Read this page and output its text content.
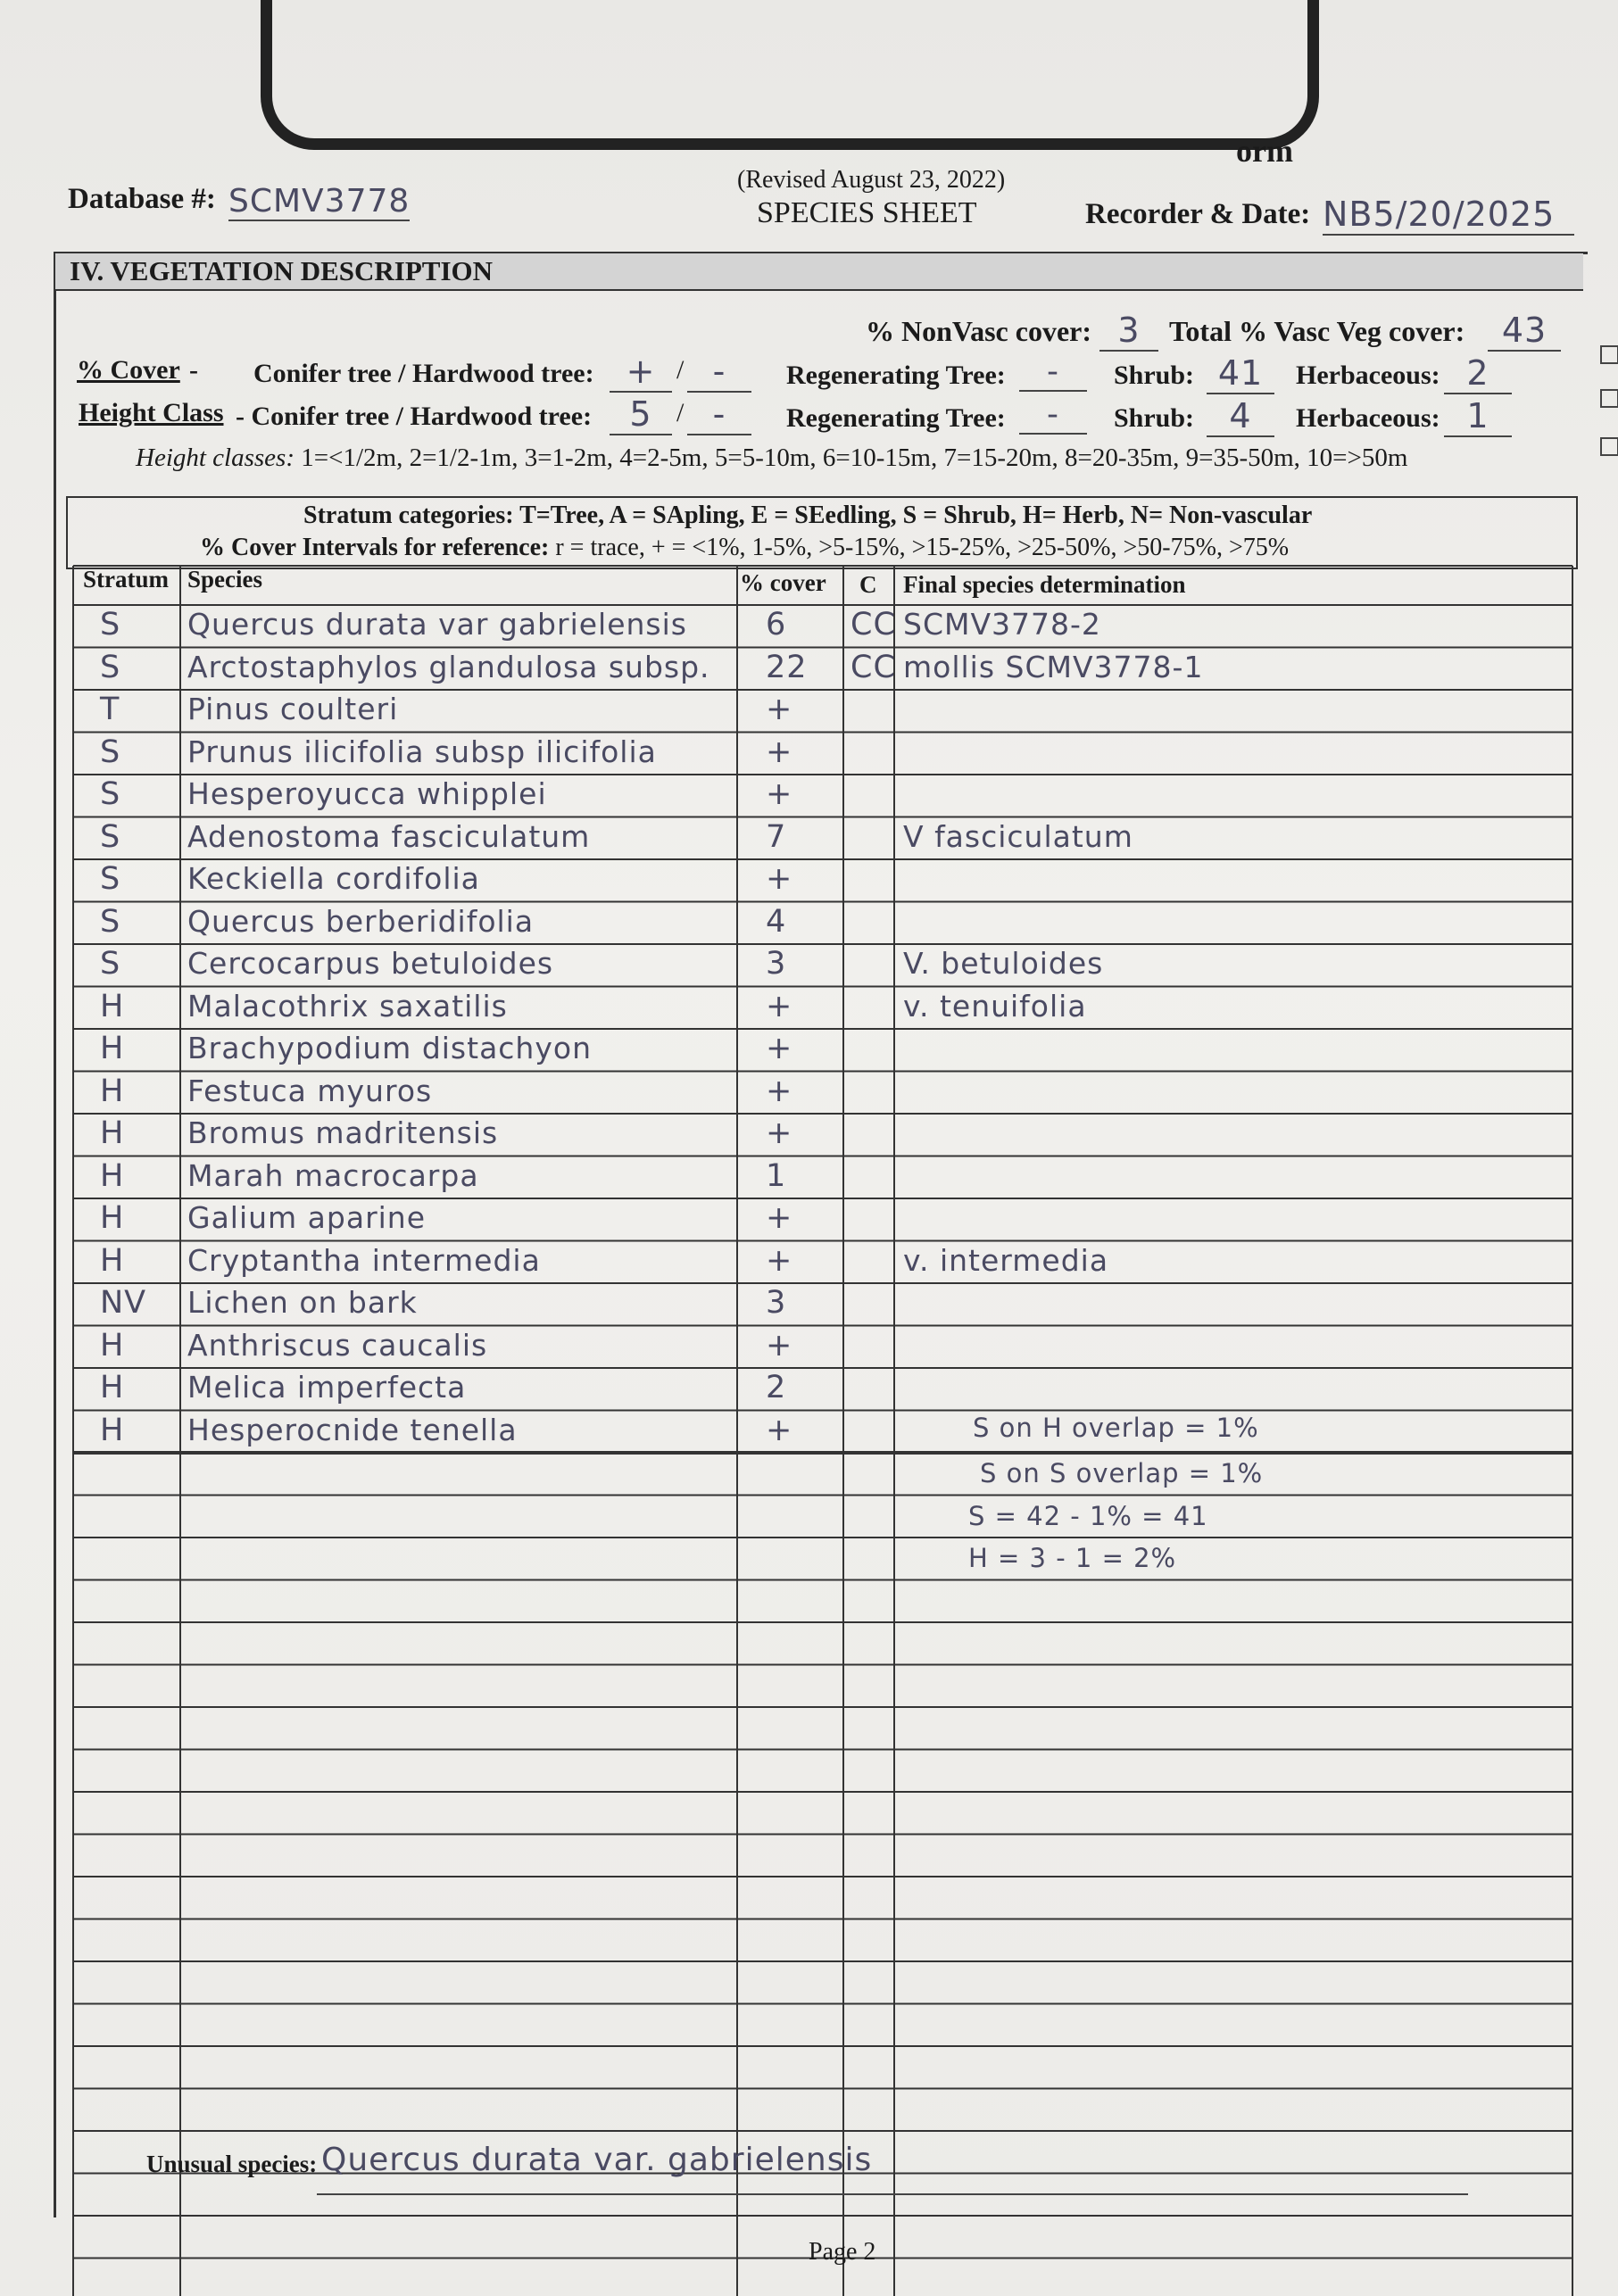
orm
(Revised August 23, 2022)
SPECIES SHEET
Database #: SCMV3778	Recorder & Date: NB5/20/2025
IV. VEGETATION DESCRIPTION
% NonVasc cover: 3	Total % Vasc Veg cover:	43
% Cover - Conifer tree / Hardwood tree: + / -	Regenerating Tree:	-	Shrub: 41	Herbaceous: 2
Height Class - Conifer tree / Hardwood tree:	5 / -	Regenerating Tree:	-	Shrub:	4	Herbaceous: 1
Height classes: 1=<1/2m, 2=1/2-1m, 3=1-2m, 4=2-5m, 5=5-10m, 6=10-15m, 7=15-20m, 8=20-35m, 9=35-50m, 10=>50m
Stratum categories: T=Tree, A = SApling, E = SEedling, S = Shrub, H= Herb, N= Non-vascular
% Cover Intervals for reference: r = trace, + = <1%, 1-5%, >5-15%, >15-25%, >25-50%, >50-75%, >75%
Stratum Species	% cover C Final species determination
S Quercus durata var gabrielensis	6 CC SCMV3778-2
S Arctostaphylos glandulosa subsp. 22 CC mollis SCMV3778-1
T Pinus coulteri	+
S Prunus ilicifolia subsp ilicifolia	+
S Hesperoyucca whipplei	+
S Adenostoma fasciculatum	7	V fasciculatum
S Keckiella cordifolia	+
S Quercus berberidifolia	4
S Cercocarpus betuloides	3	V. betuloides
H Malacothrix saxatilis	+	v. tenuifolia
H Brachypodium distachyon	+
H Festuca myuros	+
H Bromus madritensis	+
H Marah macrocarpa	1
H Galium aparine	+
H Cryptantha intermedia	+	v. intermedia
NV Lichen on bark	3
H Anthriscus caucalis	+
H Melica imperfecta	2
H Hesperocnide tenella	+	S on H overlap = 1%
S on S overlap = 1%
S = 42 - 1% = 41
H = 3 - 1 = 2%
Unusual species: Quercus durata var. gabrielensis
Page 2
